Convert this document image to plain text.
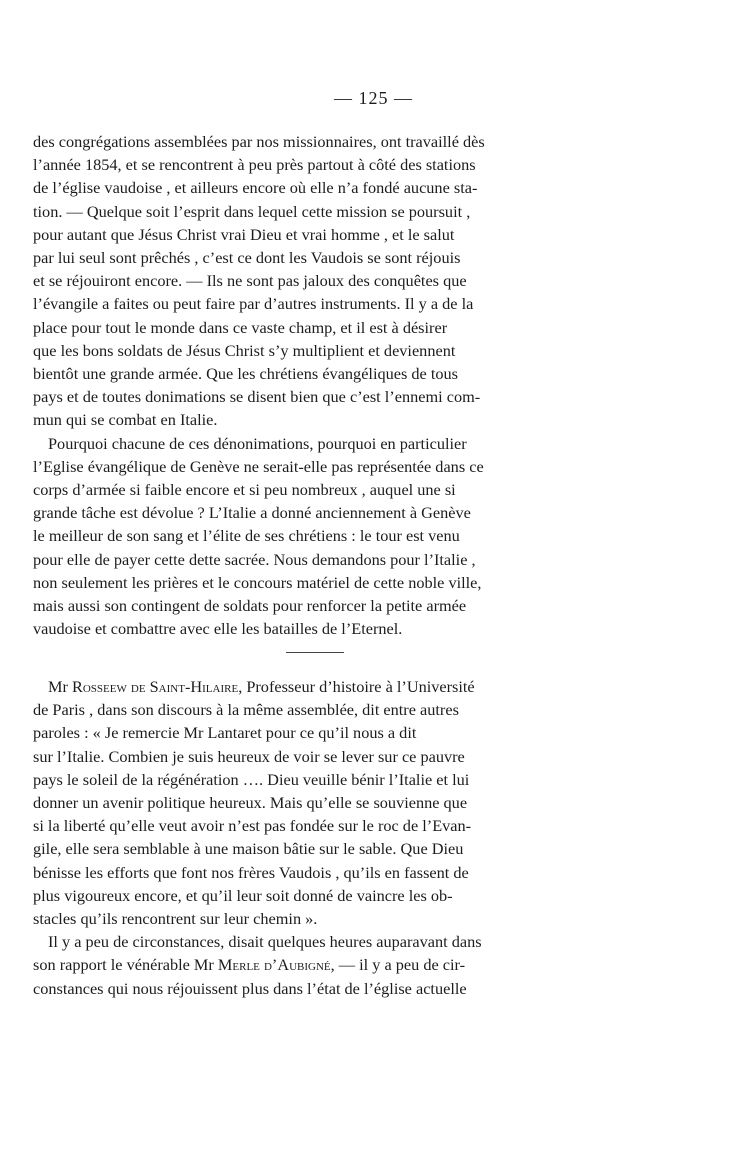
— 125 —
des congrégations assemblées par nos missionnaires, ont travaillé dès
l’année 1854, et se rencontrent à peu près partout à côté des stations
de l’église vaudoise , et ailleurs encore où elle n’a fondé aucune sta-
tion. — Quelque soit l’esprit dans lequel cette mission se poursuit ,
pour autant que Jésus Christ vrai Dieu et vrai homme , et le salut
par lui seul sont prêchés , c’est ce dont les Vaudois se sont réjouis
et se réjouiront encore. — Ils ne sont pas jaloux des conquêtes que
l’évangile a faites ou peut faire par d’autres instruments. Il y a de la
place pour tout le monde dans ce vaste champ, et il est à désirer
que les bons soldats de Jésus Christ s’y multiplient et deviennent
bientôt une grande armée. Que les chrétiens évangéliques de tous
pays et de toutes donimations se disent bien que c’est l’ennemi com-
mun qui se combat en Italie.
Pourquoi chacune de ces dénonimations, pourquoi en particulier
l’Eglise évangélique de Genève ne serait-elle pas représentée dans ce
corps d’armée si faible encore et si peu nombreux , auquel une si
grande tâche est dévolue ? L’Italie a donné anciennement à Genève
le meilleur de son sang et l’élite de ses chrétiens : le tour est venu
pour elle de payer cette dette sacrée. Nous demandons pour l’Italie ,
non seulement les prières et le concours matériel de cette noble ville,
mais aussi son contingent de soldats pour renforcer la petite armée
vaudoise et combattre avec elle les batailles de l’Eternel.
Mr Rosseew de Saint-Hilaire, Professeur d’histoire à l’Université
de Paris , dans son discours à la même assemblée, dit entre autres
paroles : « Je remercie Mr Lantaret pour ce qu’il nous a dit
sur l’Italie. Combien je suis heureux de voir se lever sur ce pauvre
pays le soleil de la régénération …. Dieu veuille bénir l’Italie et lui
donner un avenir politique heureux. Mais qu’elle se souvienne que
si la liberté qu’elle veut avoir n’est pas fondée sur le roc de l’Evan-
gile, elle sera semblable à une maison bâtie sur le sable. Que Dieu
bénisse les efforts que font nos frères Vaudois , qu’ils en fassent de
plus vigoureux encore, et qu’il leur soit donné de vaincre les ob-
stacles qu’ils rencontrent sur leur chemin ».
Il y a peu de circonstances, disait quelques heures auparavant dans
son rapport le vénérable Mr Merle d’Aubigné, — il y a peu de cir-
constances qui nous réjouissent plus dans l’état de l’église actuelle
